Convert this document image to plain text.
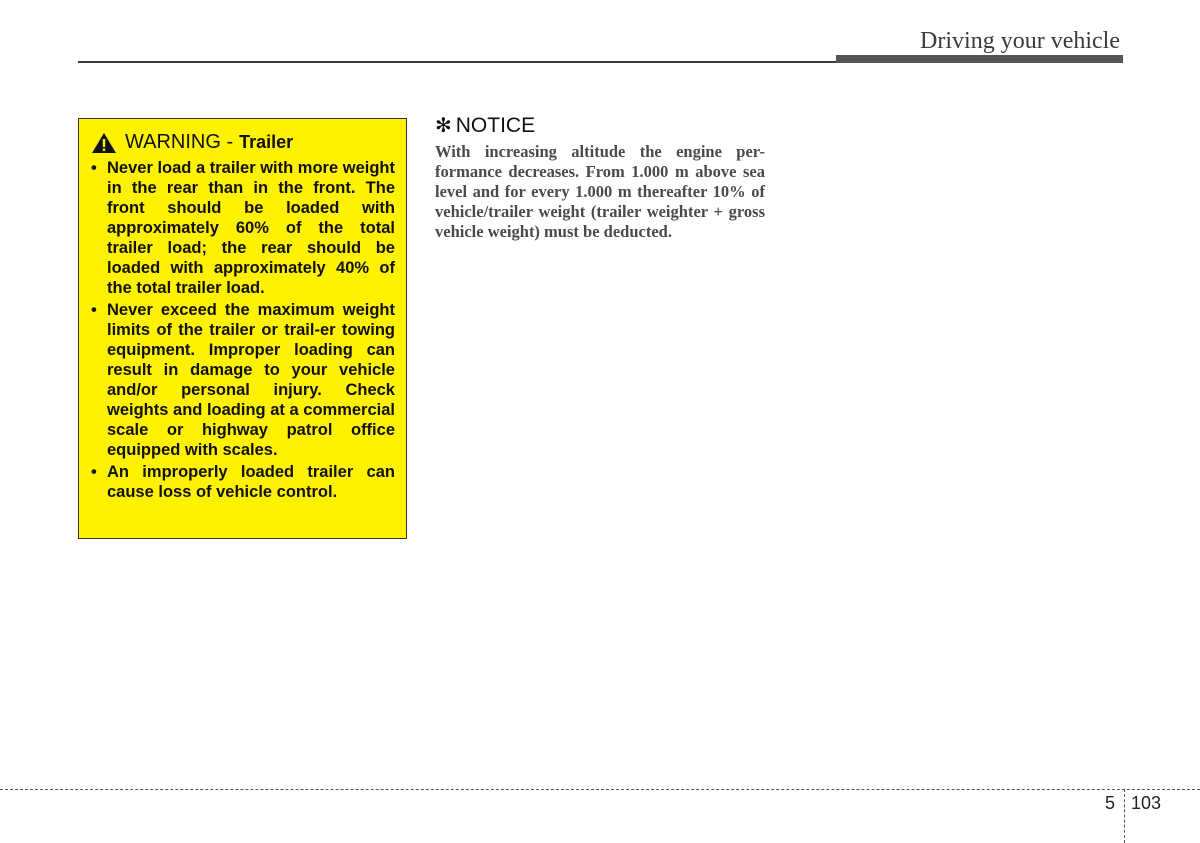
Driving your vehicle
WARNING - Trailer
• Never load a trailer with more weight in the rear than in the front. The front should be loaded with approximately 60% of the total trailer load; the rear should be loaded with approximately 40% of the total trailer load.
• Never exceed the maximum weight limits of the trailer or trail-er towing equipment. Improper loading can result in damage to your vehicle and/or personal injury. Check weights and loading at a commercial scale or highway patrol office equipped with scales.
• An improperly loaded trailer can cause loss of vehicle control.
✻ NOTICE

With increasing altitude the engine per-formance decreases. From 1.000 m above sea level and for every 1.000 m thereafter 10% of vehicle/trailer weight (trailer weighter + gross vehicle weight) must be deducted.

5 103
